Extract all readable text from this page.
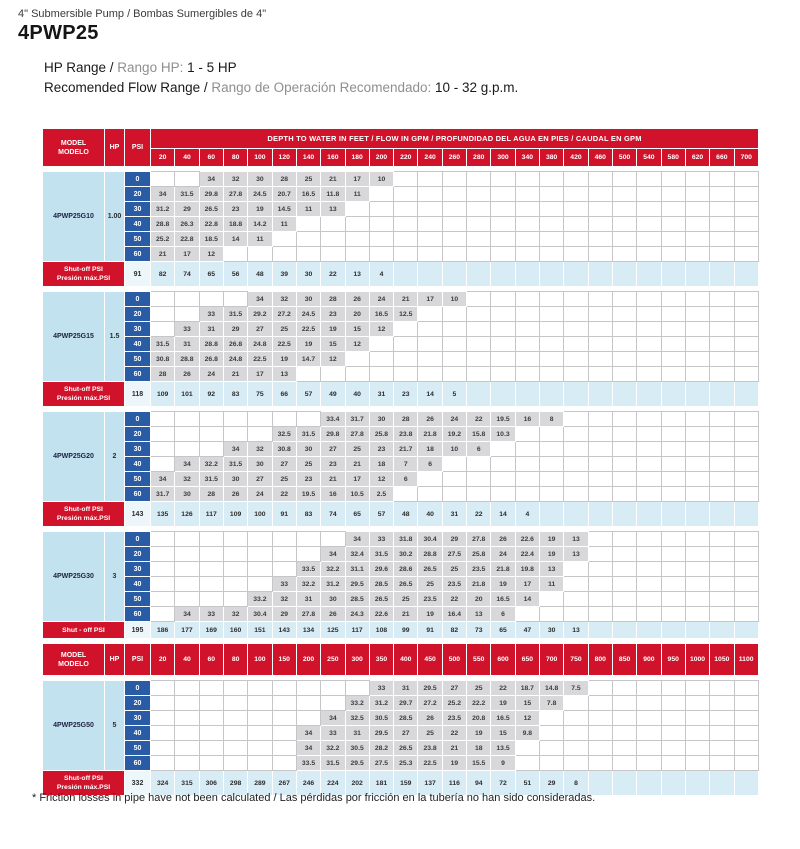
4" Submersible Pump / Bombas Sumergibles de 4"
4PWP25
HP Range / Rango HP: 1 - 5 HP
Recomended Flow Range / Rango de Operación Recomendado: 10 - 32 g.p.m.
MODEL
MODELO	HP	PSI	DEPTH TO WATER IN FEET / FLOW IN GPM / PROFUNDIDAD DEL AGUA EN PIES / CAUDAL EN GPM																								
			20	40	60	80	100	120	140	160	180	200	220	240	260	280	300	340	380	420	460	500	540	580	620	660	700
4PWP25G10	1.00	0			34	32	30	28	25	21	17	10															
		20	34	31.5	29.8	27.8	24.5	20.7	16.5	11.8	11																
		30	31.2	29	26.5	23	19	14.5	11	13																	
		40	28.8	26.3	22.8	18.8	14.2	11																			
		50	25.2	22.8	18.5	14	11																				
		60	21	17	12																						
Shut-off PSI
Presión máx.PSI		91	82	74	65	56	48	39	30	22	13	4															
4PWP25G15	1.5	0					34	32	30	28	26	24	21	17	10												
		20			33	31.5	29.2	27.2	24.5	23	20	16.5	12.5														
		30		33	31	29	27	25	22.5	19	15	12															
		40	31.5	31	28.8	26.8	24.8	22.5	19	15	12																
		50	30.8	28.8	26.8	24.8	22.5	19	14.7	12																	
		60	28	26	24	21	17	13																			
Shut-off PSI
Presión máx.PSI		118	109	101	92	83	75	66	57	49	40	31	23	14	5												
4PWP25G20	2	0								33.4	31.7	30	28	26	24	22	19.5	16	8								
		20						32.5	31.5	29.8	27.8	25.8	23.8	21.8	19.2	15.8	10.3										
		30				34	32	30.8	30	27	25	23	21.7	18	10	6											
		40		34	32.2	31.5	30	27	25	23	21	18	7	6													
		50	34	32	31.5	30	27	25	23	21	17	12	6														
		60	31.7	30	28	26	24	22	19.5	16	10.5	2.5															
Shut-off PSI
Presión máx.PSI		143	135	126	117	109	100	91	83	74	65	57	48	40	31	22	14	4									
4PWP25G30	3	0									34	33	31.8	30.4	29	27.8	26	22.6	19	13							
		20								34	32.4	31.5	30.2	28.8	27.5	25.8	24	22.4	19	13							
		30							33.5	32.2	31.1	29.6	28.6	26.5	25	23.5	21.8	19.8	13								
		40						33	32.2	31.2	29.5	28.5	26.5	25	23.5	21.8	19	17	11								
		50					33.2	32	31	30	28.5	26.5	25	23.5	22	20	16.5	14									
		60		34	33	32	30.4	29	27.8	26	24.3	22.6	21	19	16.4	13	6										
Shut - off PSI		195	186	177	169	160	151	143	134	125	117	108	99	91	82	73	65	47	30	13							
MODEL
MODELO	HP	PSI	20	40	60	80	100	150	200	250	300	350	400	450	500	550	600	650	700	750	800	850	900	950	1000	1050	1100
4PWP25G50	5	0										33	31	29.5	27	25	22	18.7	14.8	7.5							
		20									33.2	31.2	29.7	27.2	25.2	22.2	19	15	7.8								
		30								34	32.5	30.5	28.5	26	23.5	20.8	16.5	12									
		40							34	33	31	29.5	27	25	22	19	15	9.8									
		50							34	32.2	30.5	28.2	26.5	23.8	21	18	13.5										
		60							33.5	31.5	29.5	27.5	25.3	22.5	19	15.5	9										
Shut-off PSI
Presión máx.PSI		332	324	315	306	298	289	267	246	224	202	181	159	137	116	94	72	51	29	8							
* Friction losses in pipe have not been calculated / Las pérdidas por fricción en la tubería no han sido consideradas.
